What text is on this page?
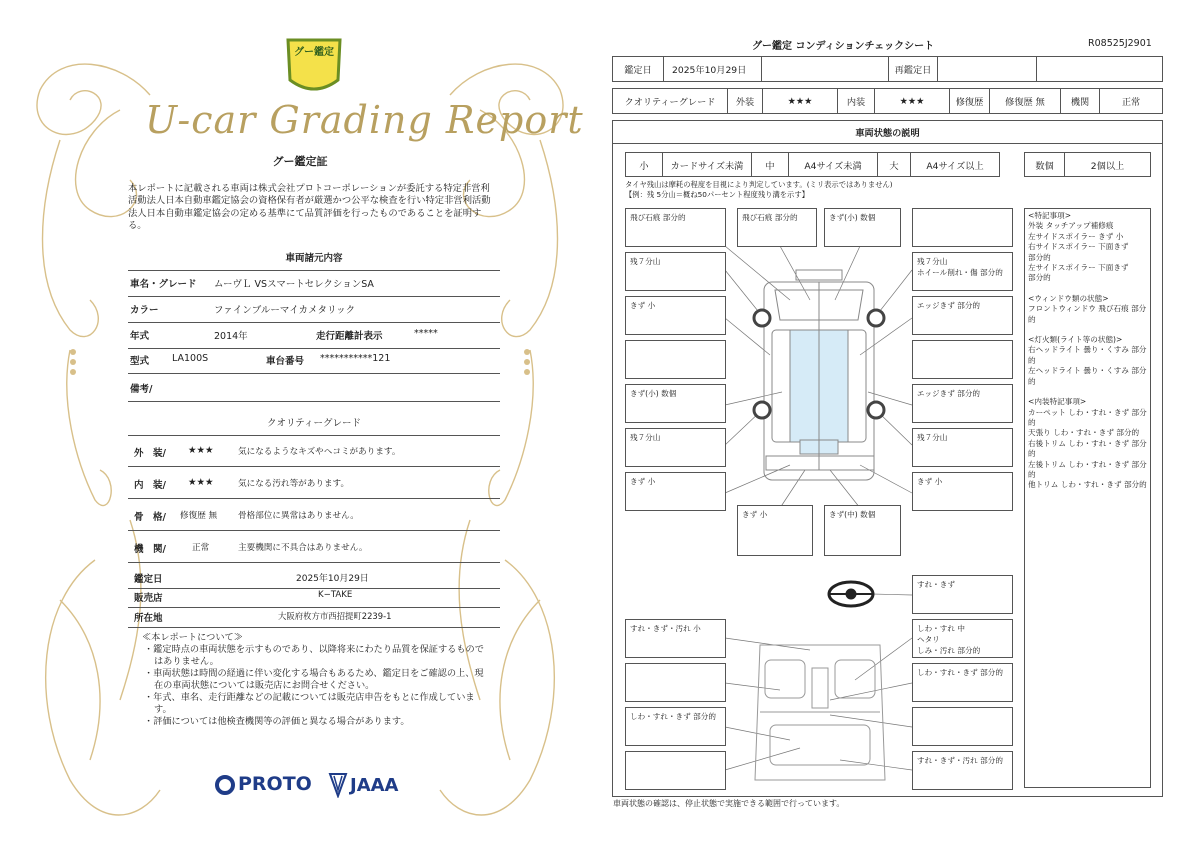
グー鑑定
U-car Grading Report
グー鑑定証
本レポートに記載される車両は株式会社プロトコーポレーションが委託する特定非営利活動法人日本自動車鑑定協会の資格保有者が厳選かつ公平な検査を行い特定非営利活動法人日本自動車鑑定協会の定める基準にて品質評価を行ったものであることを証明する。
車両諸元内容
車名・グレード ムーヴＬ VSスマートセレクションSA
カラー	ファインブルーマイカメタリック
年式	2014年	走行距離計表示	*****
型式 LA100S	車台番号 ***********121
備考/
クオリティーグレード
外　装/ ★★★	気になるようなキズやヘコミがあります。
内　装/ ★★★	気になる汚れ等があります。
骨　格/ 修復歴 無 骨格部位に異常はありません。
機　関/	正常	主要機関に不具合はありません。
鑑定日	2025年10月29日
販売店	K−TAKE
所在地	大阪府枚方市西招提町2239-1
≪本レポートについて≫
・鑑定時点の車両状態を示すものであり、以降将来にわたり品質を保証するものではありません。
・車両状態は時間の経過に伴い変化する場合もあるため、鑑定日をご確認の上、現在の車両状態については販売店にお問合せください。
・年式、車名、走行距離などの記載については販売店申告をもとに作成しています。
・評価については他検査機関等の評価と異なる場合があります。
PROTO JAAA
グー鑑定 コンディションチェックシート	R08525J2901
鑑定日	2025年10月29日	再鑑定日
クオリティーグレード	外装	★★★	内装	★★★	修復歴	修復歴 無	機関	正常
車両状態の説明
小	カードサイズ未満	中	A4サイズ未満	大	A4サイズ以上	数個	2個以上
タイヤ残山は摩耗の程度を目視により判定しています。(ミリ表示ではありません)
【例：残 5分山＝概ね50パーセント程度残り溝を示す】
飛び石痕 部分的	飛び石痕 部分的	きず(小) 数個
残７分山	残７分山
ホイール削れ・傷 部分的
きず 小	エッジきず 部分的
きず(小) 数個	エッジきず 部分的
残７分山	残７分山
きず 小	きず 小
きず 小	きず(中) 数個
すれ・きず
すれ・きず・汚れ 小	しわ・すれ 中
ヘタリ
しみ・汚れ 部分的
しわ・すれ・きず 部分的
しわ・すれ・きず 部分的
すれ・きず・汚れ 部分的
<特記事項>
外装 タッチアップ補修痕
左サイドスポイラー きず 小
右サイドスポイラー 下面きず
部分的
左サイドスポイラー 下面きず
部分的
<ウィンドウ類の状態>
フロントウィンドウ 飛び石痕 部分的
<灯火類(ライト等の状態)>
右ヘッドライト 曇り・くすみ 部分的
左ヘッドライト 曇り・くすみ 部分的
<内装特記事項>
カーペット しわ・すれ・きず 部分的
天張り しわ・すれ・きず 部分的
右後トリム しわ・すれ・きず 部分的
左後トリム しわ・すれ・きず 部分的
他トリム しわ・すれ・きず 部分的
車両状態の確認は、停止状態で実施できる範囲で行っています。
